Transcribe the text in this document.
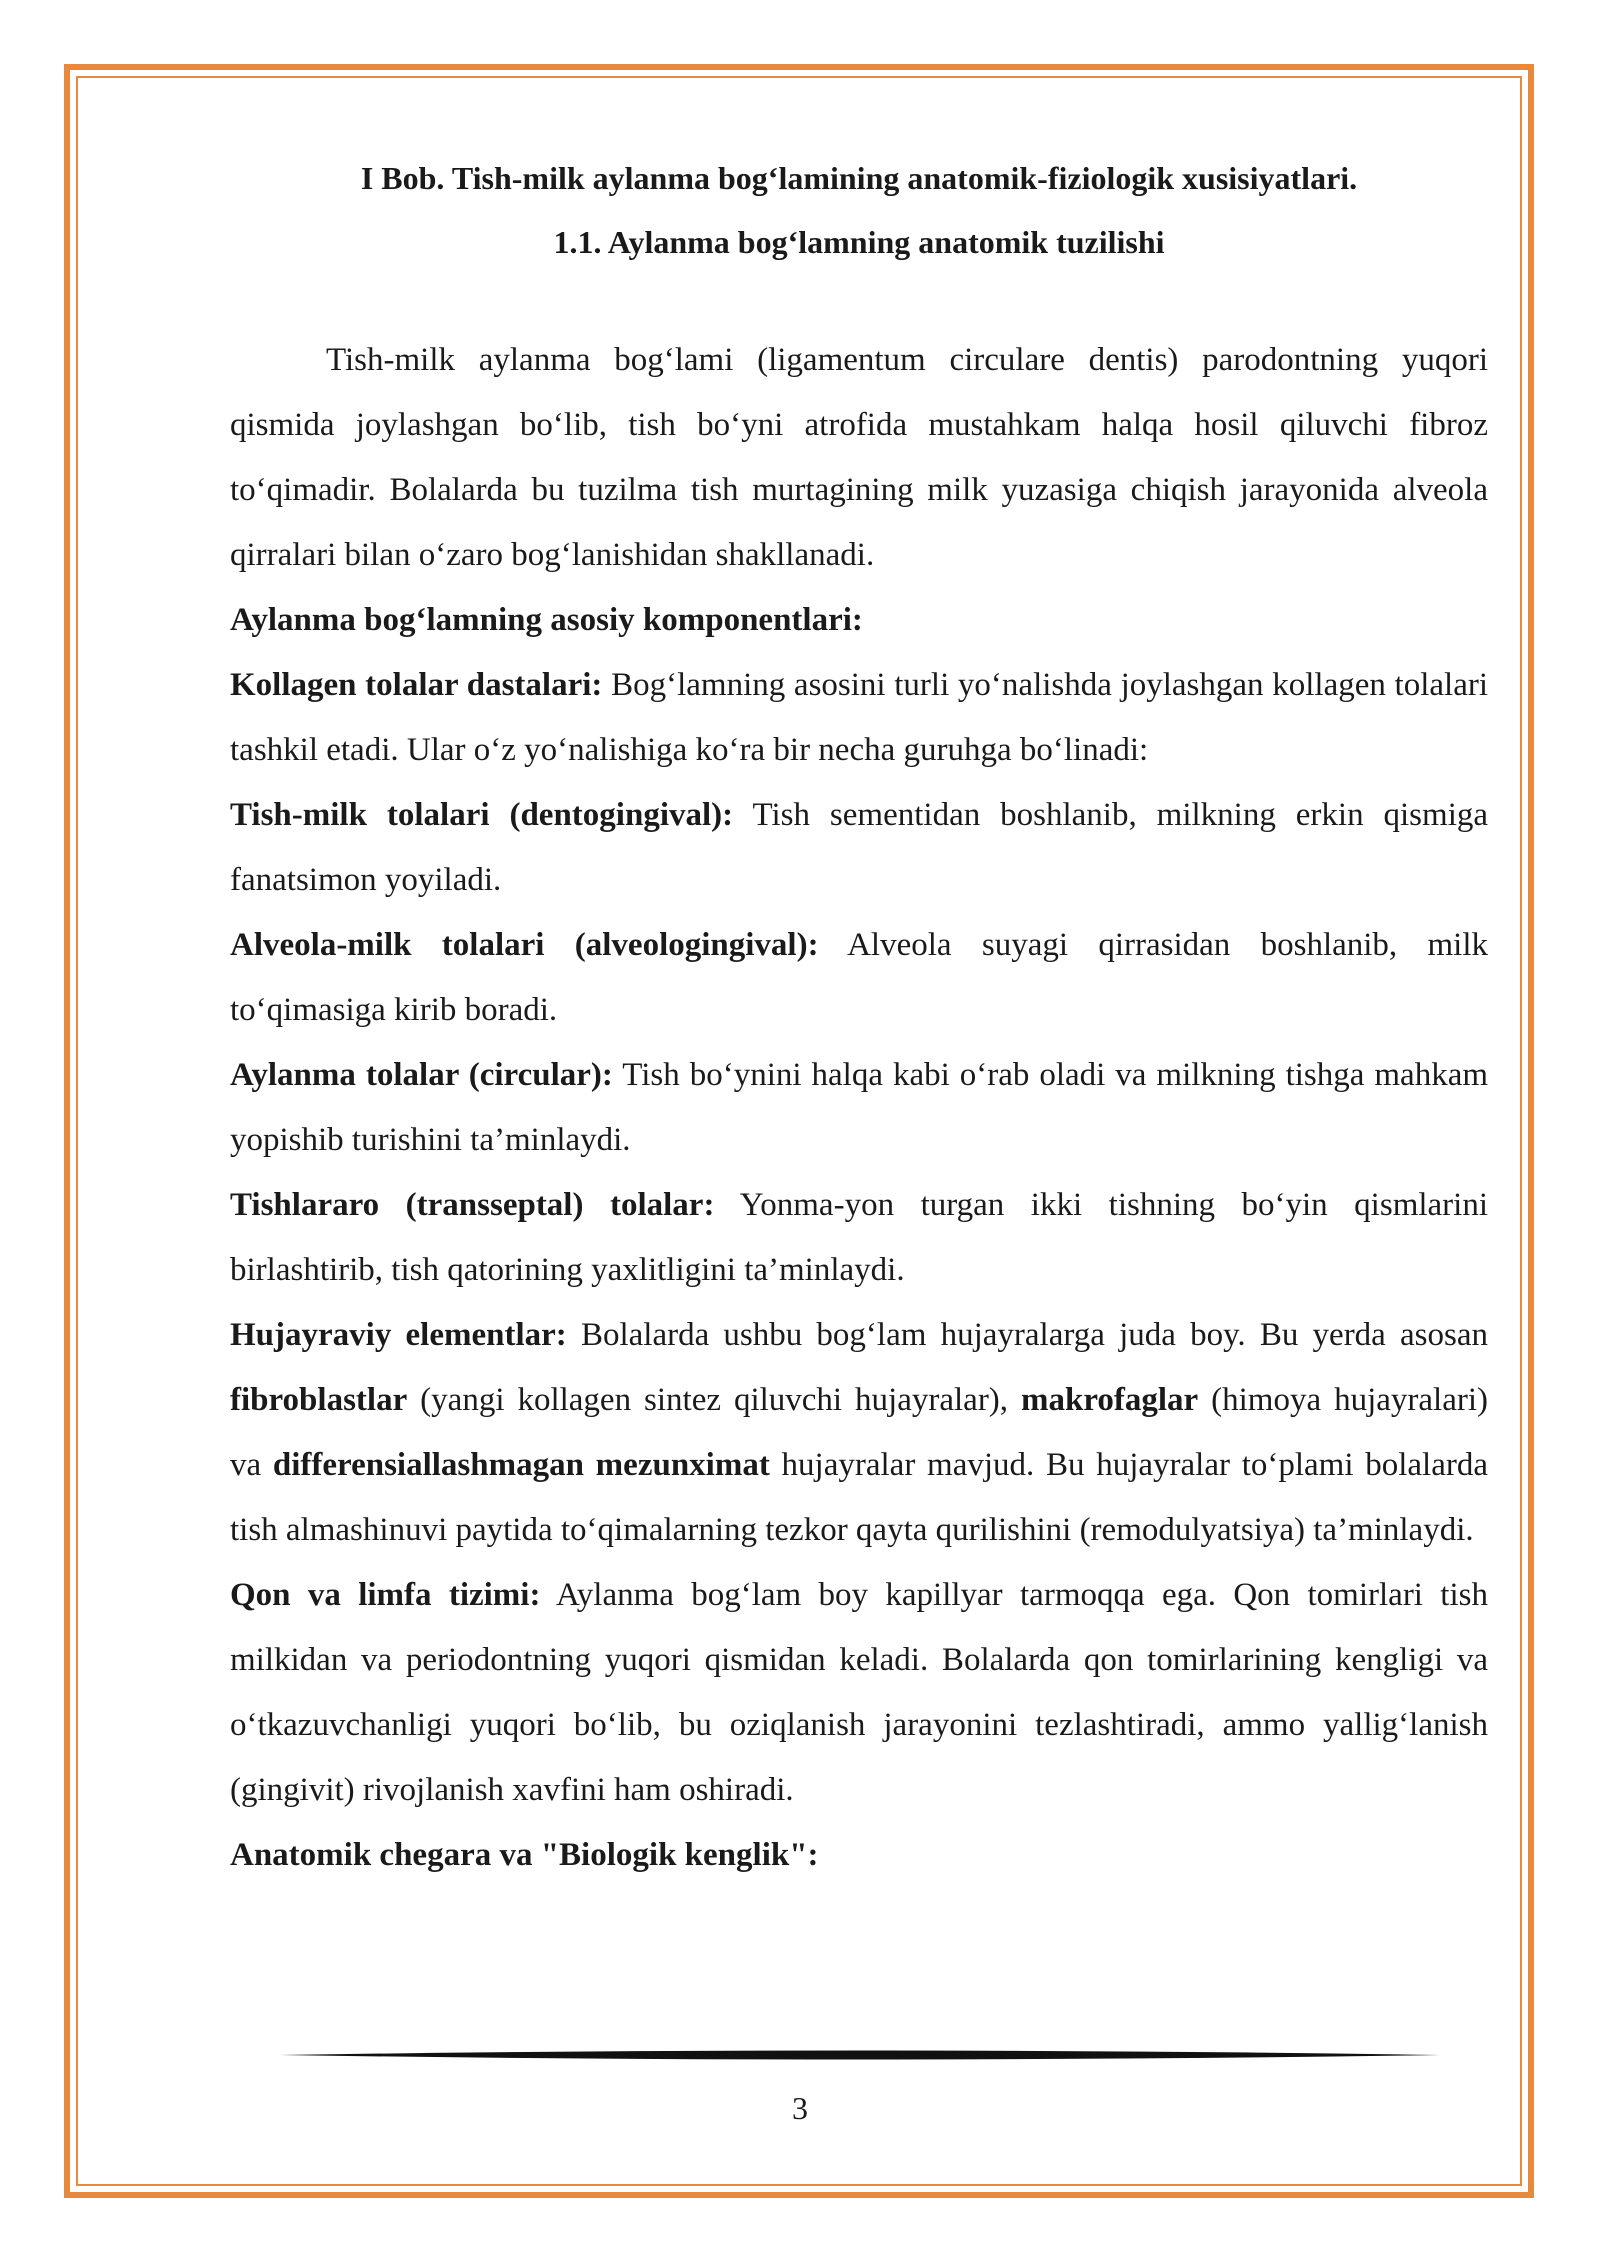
I Bob. Tish-milk aylanma bog‘lamining anatomik-fiziologik xusisiyatlari.

1.1. Aylanma bog‘lamning anatomik tuzilishi

Tish-milk aylanma bog‘lami (ligamentum circulare dentis) parodontning yuqori qismida joylashgan bo‘lib, tish bo‘yni atrofida mustahkam halqa hosil qiluvchi fibroz to‘qimadir. Bolalarda bu tuzilma tish murtagining milk yuzasiga chiqish jarayonida alveola qirralari bilan o‘zaro bog‘lanishidan shakllanadi.

Aylanma bog‘lamning asosiy komponentlari:

Kollagen tolalar dastalari: Bog‘lamning asosini turli yo‘nalishda joylashgan kollagen tolalari tashkil etadi. Ular o‘z yo‘nalishiga ko‘ra bir necha guruhga bo‘linadi:

Tish-milk tolalari (dentogingival): Tish sementidan boshlanib, milkning erkin qismiga fanatsimon yoyiladi.

Alveola-milk tolalari (alveologingival): Alveola suyagi qirrasidan boshlanib, milk to‘qimasiga kirib boradi.

Aylanma tolalar (circular): Tish bo‘ynini halqa kabi o‘rab oladi va milkning tishga mahkam yopishib turishini ta’minlaydi.

Tishlararo (transseptal) tolalar: Yonma-yon turgan ikki tishning bo‘yin qismlarini birlashtirib, tish qatorining yaxlitligini ta’minlaydi.

Hujayraviy elementlar: Bolalarda ushbu bog‘lam hujayralarga juda boy. Bu yerda asosan fibroblastlar (yangi kollagen sintez qiluvchi hujayralar), makrofaglar (himoya hujayralari) va differensiallashmagan mezunximat hujayralar mavjud. Bu hujayralar to‘plami bolalarda tish almashinuvi paytida to‘qimalarning tezkor qayta qurilishini (remodulyatsiya) ta’minlaydi.

Qon va limfa tizimi: Aylanma bog‘lam boy kapillyar tarmoqqa ega. Qon tomirlari tish milkidan va periodontning yuqori qismidan keladi. Bolalarda qon tomirlarining kengligi va o‘tkazuvchanligi yuqori bo‘lib, bu oziqlanish jarayonini tezlashtiradi, ammo yallig‘lanish (gingivit) rivojlanish xavfini ham oshiradi.

Anatomik chegara va "Biologik kenglik":

3
